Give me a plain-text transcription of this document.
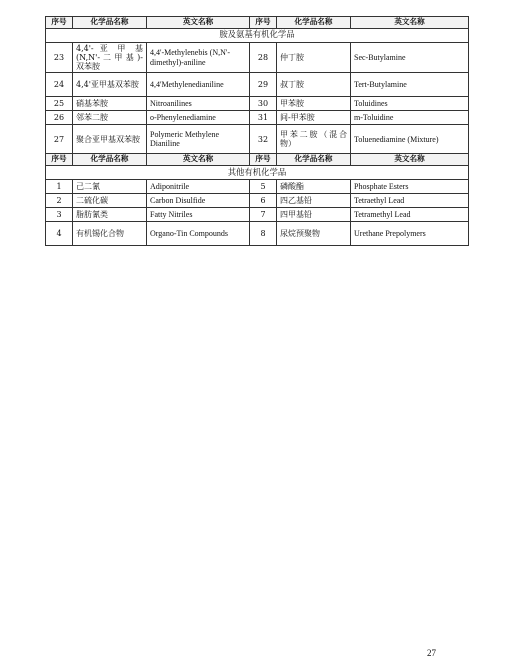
序号	化学品名称	英文名称	序号	化学品名称	英文名称
胺及氨基有机化学品					
23	4,4'- 亚 甲 基 (N,N'- 二 甲 基 )- 双苯胺	4,4'-Methylenebis (N,N'-dimethyl)-aniline	28	仲丁胺	Sec-Butylamine
24	4,4'亚甲基双苯胺	4,4'Methylenedianiline	29	叔丁胺	Tert-Butylamine
25	硝基苯胺	Nitroanilines	30	甲苯胺	Toluidines
26	邻苯二胺	o-Phenylenediamine	31	间-甲苯胺	m-Toluidine
27	聚合亚甲基双苯胺	Polymeric Methylene Dianiline	32	甲苯二胺（混合物）	Toluenediamine (Mixture)
序号	化学品名称	英文名称	序号	化学品名称	英文名称
其他有机化学品					
1	己二氰	Adiponitrile	5	磷酸酯	Phosphate Esters
2	二硫化碳	Carbon Disulfide	6	四乙基铅	Tetraethyl Lead
3	脂肪氰类	Fatty Nitriles	7	四甲基铅	Tetramethyl Lead
4	有机锡化合物	Organo-Tin Compounds	8	尿烷预聚物	Urethane Prepolymers
27
